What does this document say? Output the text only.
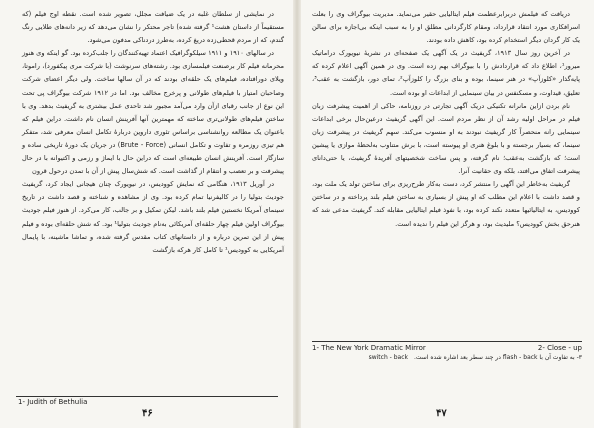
در نمایشی از سلطان غلبه در یک ضیافت مجلل، تصویر شده است. نقطه اوج فیلم (که مستقیماً از داستان هشت¹ گرفته شده) تاجر محتکر را نشان می‌دهد که زیر دانه‌های طلایی رنگ گندم، که از مردم قحطی‌زده دریغ کرده، به‌طرز دردناکی مدفون می‌شود.

در سالهای ۱۹۱۰ و ۱۹۱۱ سیلکوگرافیک اعتماد تهیه‌کنندگان را جلب‌کرده بود. گو اینکه وی هنوز محرمانه فیلم کار برصنعت فیلمسازی بود. رشته‌های سرنوشت (با شرکت مری پیکفورد)، راموتا، ویلای دورافتاده، فیلم‌های یک حلقه‌ای بودند که در آن سالها ساخت. ولی دیگر اعضای شرکت وصاحبان امتیاز با فیلم‌های طولانی و پرخرج مخالف بود. اما در ۱۹۱۲ شرکت بیوگراف پی تحت این نوع از جانب رقبای ازآن وارد می‌آمد مجبور شد تاحدی عمل بیشتری به گریفیث بدهد. وی با ساختن فیلم‌های طولانی‌تری ساخته که مهمترین آنها آفرینش انسان نام داشت. دراین فیلم که باعنوان یک مطالعه روانشناسی براساس تئوری داروین دربارهٔ تکامل انسان معرفی شد، متفکر هم تیزی روزمره و تفاوت و تکامل انسانی (Brute - Force) در جریان یک دورهٔ تاریخی ساده و سازگار است. آفرینش انسان طبیعه‌ای است که دراین حال با ایماژ و رزمی و اکتیوانه با در حال پیشرفت و بر تعصب و انتقام از گذاشت است. که شش‌سال پیش از آن با تمدن درحول قرون

در آوریل ۱۹۱۳، هنگامی که نمایش کوودیس، در نیویورک چنان هیجانی ایجاد کرد، گریفیث جودیث بتولیا را در کالیفرنیا تمام کرده بود. وی از مشاهده و شناخته و قصد داشت در تاریخ سینمای آمریکا نخستین فیلم بلند باشد. لیکن تمکیل و بر جالب، کار می‌کرد. از هنوز فیلم جودیث بیوگراف اولین فیلم چهار حلقه‌ای آمریکائی به‌نام جودیث بتولیا¹ بود. که شش حلقه‌ای بوده و فیلم پیش از این تمرین درباره و از داستانهای کتاب مقدس گرفته شده، و تماشا ماشینه، با پایمال آمریکایی به کوودیس¹ تا کامل کار هرکه بازگشت

1- Judith of Bethulia
۴۶

دریافت که فیلمش دربرابرعظمت فیلم ایتالیایی حقیر می‌نماید. مدیریت بیوگراف وی را بعلت اسرافکاری مورد انتقاد قرارداد، ومقام کارگردانی مطلق او را به سبب اینکه بی‌اجازه برای سالن یک کار گردان دیگر استخدام کرده بود، کاهش داده بودند.

در آخرین روز سال ۱۹۱۳، گریفیث در یک آگهی یک صفحه‌ای در نشریهٔ نیویورک دراماتیک میرور¹، اطلاع داد که قراردادش را با بیوگراف بهم زده است. وی در همین آگهی اعلام کرده که پایه‌گذار «کلوزآپ» در هنر سینما، بوده و بنای بزرگ را کلوزآپ²، تمای دور، بازگشت به عقب³، تعلیق، قیداوت، و مسکنفس در بیان سینمایی از ابداعات او بوده است.

نام بردن ازاین مانرانه تکنیکی دریک آگهی تجارتی در روزنامه، حاکی از اهمیت پیشرفت زبان فیلم در مراحل اولیه رشد آن از نظر مردم است. این آگهی گریفیث درعین‌حال برخی ابداعات سینمایی رانه منحصراً کار گریفیث نبودند به او منسوب می‌کند. سهم گریفیث در پیشرفت زبان سینما، که بسیار برجسته و با بلوغ هنری او پیوسته است، با برش متناوب به‌لحظهٔ موازی یا پیشین است؛ که بازگشت به‌عقب؛ نام گرفته، و پس ساخت شخصیتهای آفریدهٔ گریفیث، یا حتی‌دانای پیشرفت اتفاق می‌افتد، بلکه وی حقانیت آنرا.

گریفیث به‌خاطر این آگهی را منتشر کرد، دست به‌کار طرح‌ریزی برای ساختن تولد یک ملت بود، و قصد داشت با اعلام این مطلب که او پیش از بسیاری به ساختن فیلم بلند پرداخته و در ساختن کوودیس، به ایتالیائیها متعدد نکند کرده بود، با نفوذ فیلم ایتالیایی مقابله کند. گریفیث مدعی شد که هنرحق بخش کوودیس؟ ملیدیث بود، و هرگز این فیلم را ندیده است.

1- The New York Dramatic Mirror	2- Close - up
۳- به تفاوت آن با flash - back در چند سطر بعد اشاره شده است. switch - back
۴۷
